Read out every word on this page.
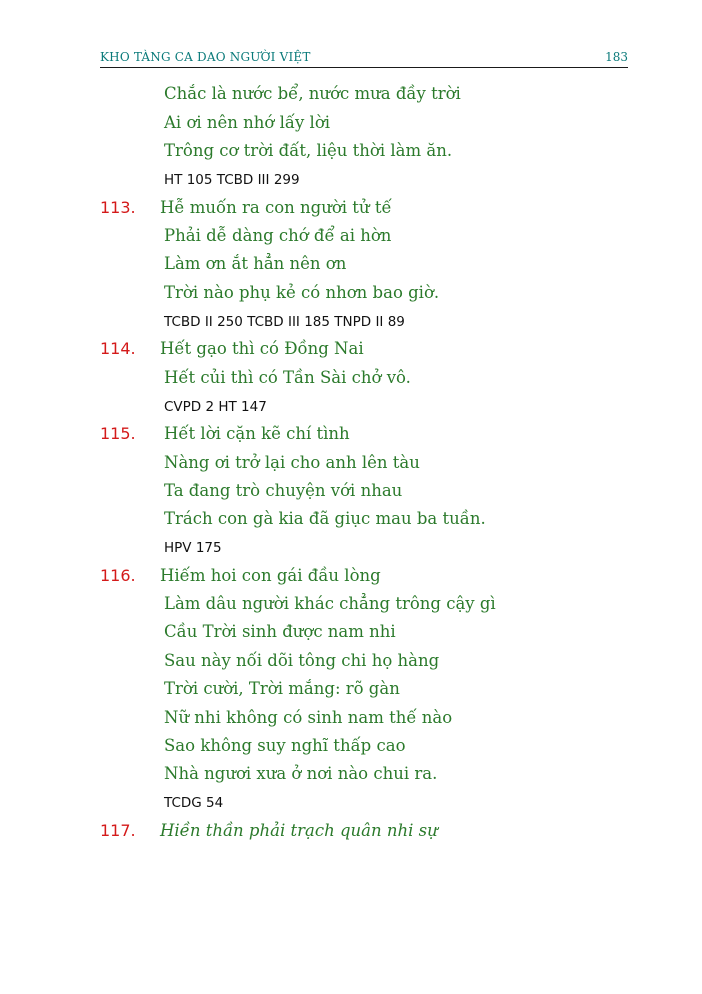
KHO TÀNG CA DAO NGƯỜI VIỆT	183
Chắc là nước bể, nước mưa đầy trời
Ai ơi nên nhớ lấy lời
Trông cơ trời đất, liệu thời làm ăn.
HT 105 TCBD III 299
113. Hễ muốn ra con người tử tế
Phải dễ dàng chớ để ai hờn
Làm ơn ắt hẳn nên ơn
Trời nào phụ kẻ có nhơn bao giờ.
TCBD II 250 TCBD III 185 TNPD II 89
114. Hết gạo thì có Đồng Nai
Hết củi thì có Tần Sài chở vô.
CVPD 2 HT 147
115. Hết lời cặn kẽ chí tình
Nàng ơi trở lại cho anh lên tàu
Ta đang trò chuyện với nhau
Trách con gà kia đã giục mau ba tuần.
HPV 175
116. Hiếm hoi con gái đầu lòng
Làm dâu người khác chẳng trông cậy gì
Cầu Trời sinh được nam nhi
Sau này nối dõi tông chi họ hàng
Trời cười, Trời mắng: rõ gàn
Nữ nhi không có sinh nam thế nào
Sao không suy nghĩ thấp cao
Nhà ngươi xưa ở nơi nào chui ra.
TCDG 54
117. Hiền thần phải trạch quân nhi sự
